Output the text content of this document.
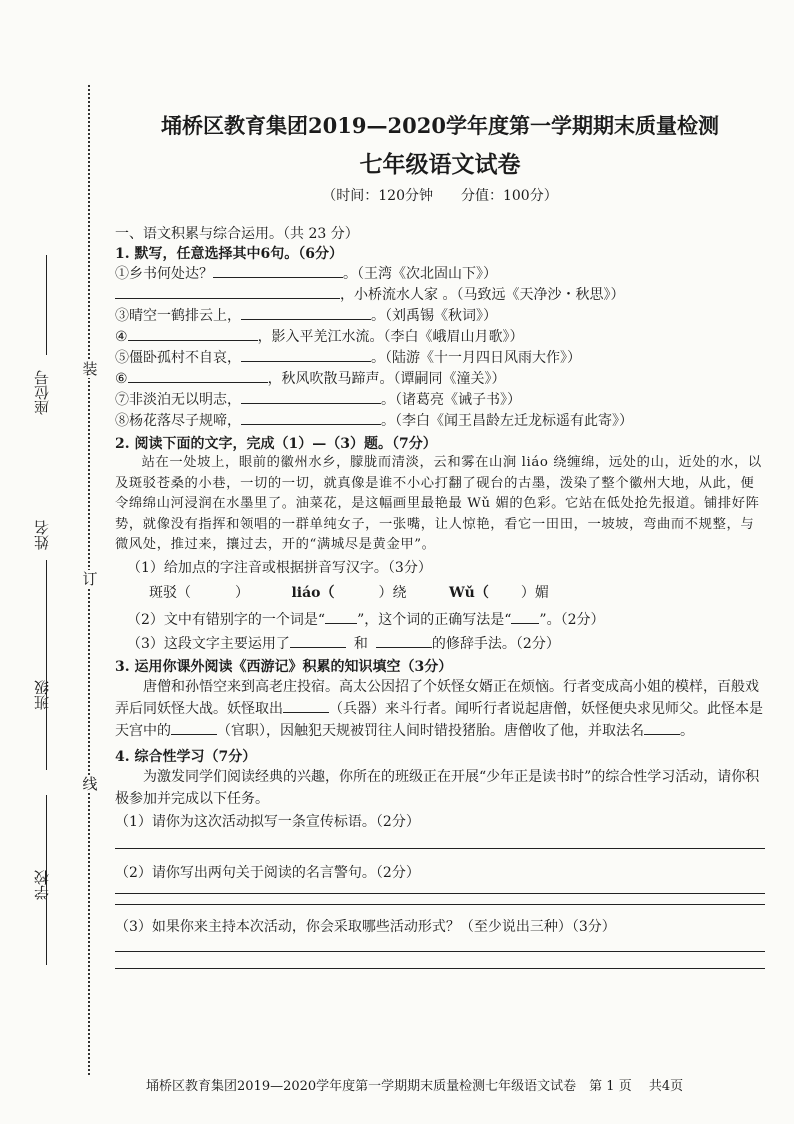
装
订
线
座位号
姓名
班级
学校
埇桥区教育集团2019—2020学年度第一学期期末质量检测
七年级语文试卷
（时间：120分钟　　分值：100分）
一、语文积累与综合运用。（共 23 分）
1. 默写，任意选择其中6句。（6分）
①乡书何处达？	。（王湾《次北固山下》）
，小桥流水人家 。（马致远《天净沙・秋思》）
③晴空一鹤排云上，	。（刘禹锡《秋词》）
④	，影入平羌江水流。（李白《峨眉山月歌》）
⑤僵卧孤村不自哀，	。（陆游《十一月四日风雨大作》）
⑥	，秋风吹散马蹄声。（谭嗣同《潼关》）
⑦非淡泊无以明志，	。（诸葛亮《诫子书》）
⑧杨花落尽子规啼，	。（李白《闻王昌龄左迁龙标遥有此寄》）
2. 阅读下面的文字，完成（1）—（3）题。（7分）

站在一处坡上，眼前的徽州水乡，朦胧而清淡，云和雾在山涧 liáo 绕缠绵，远处的山，近处的水，以及斑驳苍桑的小巷，一切的一切，就真像是谁不小心打翻了砚台的古墨，泼染了整个徽州大地，从此，便令绵绵山河浸润在水墨里了。油菜花，是这幅画里最艳最 Wǔ 媚的色彩。它站在低处抢先报道。铺排好阵势，就像没有指挥和领唱的一群单纯女子，一张嘴，让人惊艳，看它一田田，一坡坡，弯曲而不规整，与微风处，推过来，攘过去，开的“满城尽是黄金甲”。

（1）给加点的字注音或根据拼音写汉字。（3分）
斑驳（	）	liáo（	）绕	Wǔ（ ）媚
（2）文中有错别字的一个词是“ ”，这个词的正确写法是“ ”。（2分）
（3）这段文字主要运用了	和	的修辞手法。（2分）
3. 运用你课外阅读《西游记》积累的知识填空（3分）

唐僧和孙悟空来到高老庄投宿。高太公因招了个妖怪女婿正在烦恼。行者变成高小姐的模样，百般戏弄后同妖怪大战。妖怪取出	（兵器）来斗行者。闻听行者说起唐僧，妖怪便央求见师父。此怪本是天宫中的	（官职），因触犯天规被罚往人间时错投猪胎。唐僧收了他，并取法名	。

4. 综合性学习（7分）

为激发同学们阅读经典的兴趣，你所在的班级正在开展“少年正是读书时”的综合性学习活动，请你积极参加并完成以下任务。

（1）请你为这次活动拟写一条宣传标语。（2分）
（2）请你写出两句关于阅读的名言警句。（2分）
（3）如果你来主持本次活动，你会采取哪些活动形式？（至少说出三种）（3分）
埇桥区教育集团2019—2020学年度第一学期期末质量检测七年级语文试卷　第 1 页　 共4页
